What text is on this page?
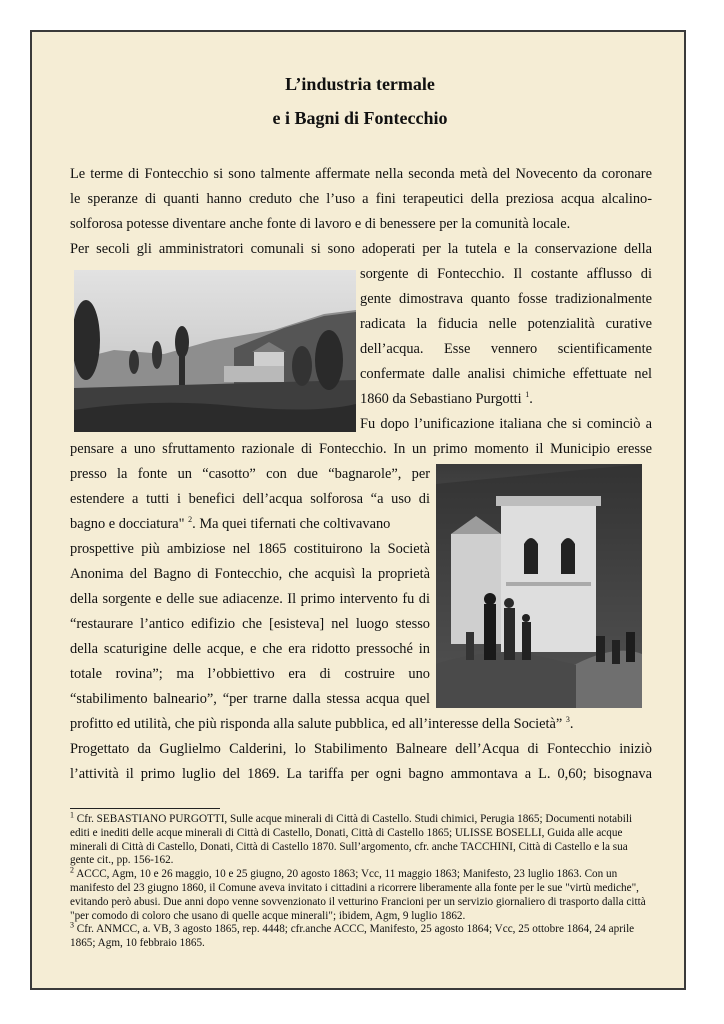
L’industria termale
e i Bagni di Fontecchio
Le terme di Fontecchio si sono talmente affermate nella seconda metà del Novecento da coronare
le speranze di quanti hanno creduto che l’uso a fini terapeutici della preziosa acqua alcalino-
solforosa potesse diventare anche fonte di lavoro e di benessere per la comunità locale.
Per secoli gli amministratori comunali si sono adoperati per la tutela e la conservazione della
sorgente di Fontecchio. Il costante afflusso di
gente dimostrava quanto fosse tradizionalmente
radicata la fiducia nelle potenzialità curative
dell’acqua. Esse vennero scientificamente
confermate dalle analisi chimiche effettuate nel
1860 da Sebastiano Purgotti $^1$.
Fu dopo l’unificazione italiana che si cominciò a
pensare a uno sfruttamento razionale di Fontecchio. In un primo momento il Municipio eresse
presso la fonte un “casotto” con due “bagnarole”, per
estendere a tutti i benefici dell’acqua solforosa “a uso di
bagno e docciatura" $^2$. Ma quei tifernati che coltivavano
prospettive più ambiziose nel 1865 costituirono la Società
Anonima del Bagno di Fontecchio, che acquisì la proprietà
della sorgente e delle sue adiacenze. Il primo intervento fu di
“restaurare l’antico edifizio che [esisteva] nel luogo stesso
della scaturigine delle acque, e che era ridotto pressoché in
totale rovina”; ma l’obbiettivo era di costruire uno
“stabilimento balneario”, “per trarne dalla stessa acqua quel
profitto ed utilità, che più risponda alla salute pubblica, ed all’interesse della Società” $^3$.
Progettato da Guglielmo Calderini, lo Stabilimento Balneare dell’Acqua di Fontecchio iniziò
l’attività il primo luglio del 1869. La tariffa per ogni bagno ammontava a L. 0,60; bisognava

$^1$ Cfr. SEBASTIANO PURGOTTI, Sulle acque minerali di Città di Castello. Studi chimici, Perugia 1865; Documenti notabili editi e inediti delle acque minerali di Città di Castello, Donati, Città di Castello 1865; ULISSE BOSELLI, Guida alle acque minerali di Città di Castello, Donati, Città di Castello 1870. Sull’argomento, cfr. anche TACCHINI, Città di Castello e la sua gente cit., pp. 156-162.

$^2$ ACCC, Agm, 10 e 26 maggio, 10 e 25 giugno, 20 agosto 1863; Vcc, 11 maggio 1863; Manifesto, 23 luglio 1863. Con un manifesto del 23 giugno 1860, il Comune aveva invitato i cittadini a ricorrere liberamente alla fonte per le sue "virtù mediche", evitando però abusi. Due anni dopo venne sovvenzionato il vetturino Francioni per un servizio giornaliero di trasporto dalla città "per comodo di coloro che usano di quelle acque minerali"; ibidem, Agm, 9 luglio 1862.

$^3$ Cfr. ANMCC, a. VB, 3 agosto 1865, rep. 4448; cfr.anche ACCC, Manifesto, 25 agosto 1864; Vcc, 25 ottobre 1864, 24 aprile 1865; Agm, 10 febbraio 1865.
